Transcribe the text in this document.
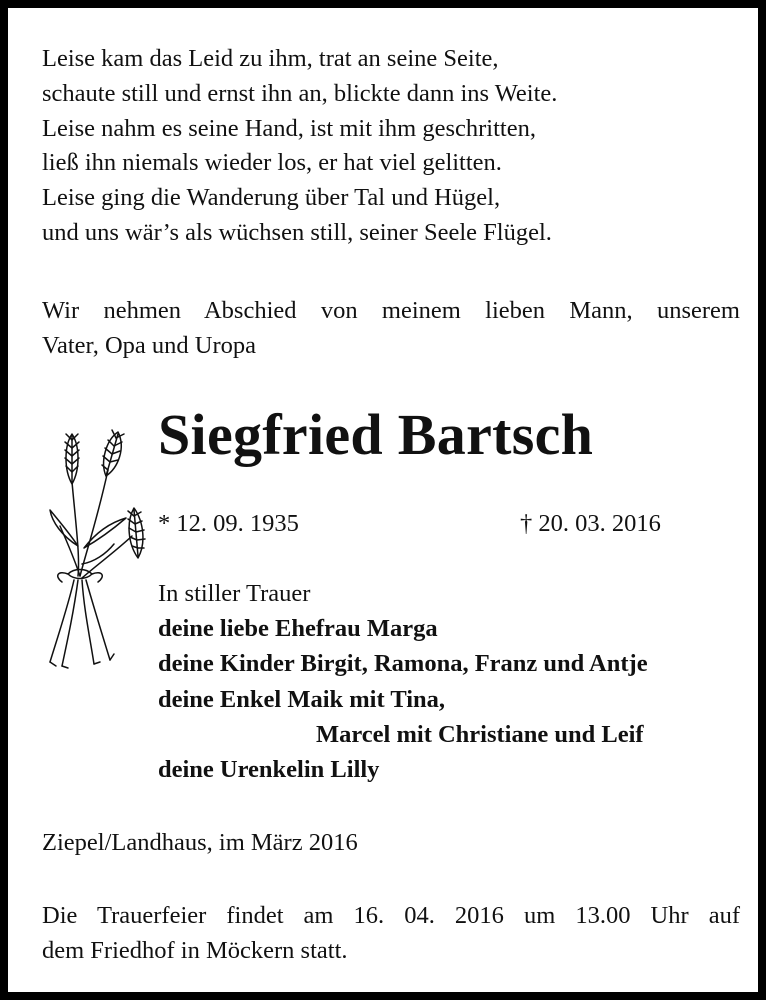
Leise kam das Leid zu ihm, trat an seine Seite,
schaute still und ernst ihn an, blickte dann ins Weite.
Leise nahm es seine Hand, ist mit ihm geschritten,
ließ ihn niemals wieder los, er hat viel gelitten.
Leise ging die Wanderung über Tal und Hügel,
und uns wär’s als wüchsen still, seiner Seele Flügel.
Wir nehmen Abschied von meinem lieben Mann, unserem
Vater, Opa und Uropa
Siegfried Bartsch
* 12. 09. 1935	† 20. 03. 2016
In stiller Trauer
deine liebe Ehefrau Marga
deine Kinder Birgit, Ramona, Franz und Antje
deine Enkel Maik mit Tina,
Marcel mit Christiane und Leif
deine Urenkelin Lilly
Ziepel/Landhaus, im März 2016
Die Trauerfeier findet am 16. 04. 2016 um 13.00 Uhr auf
dem Friedhof in Möckern statt.
